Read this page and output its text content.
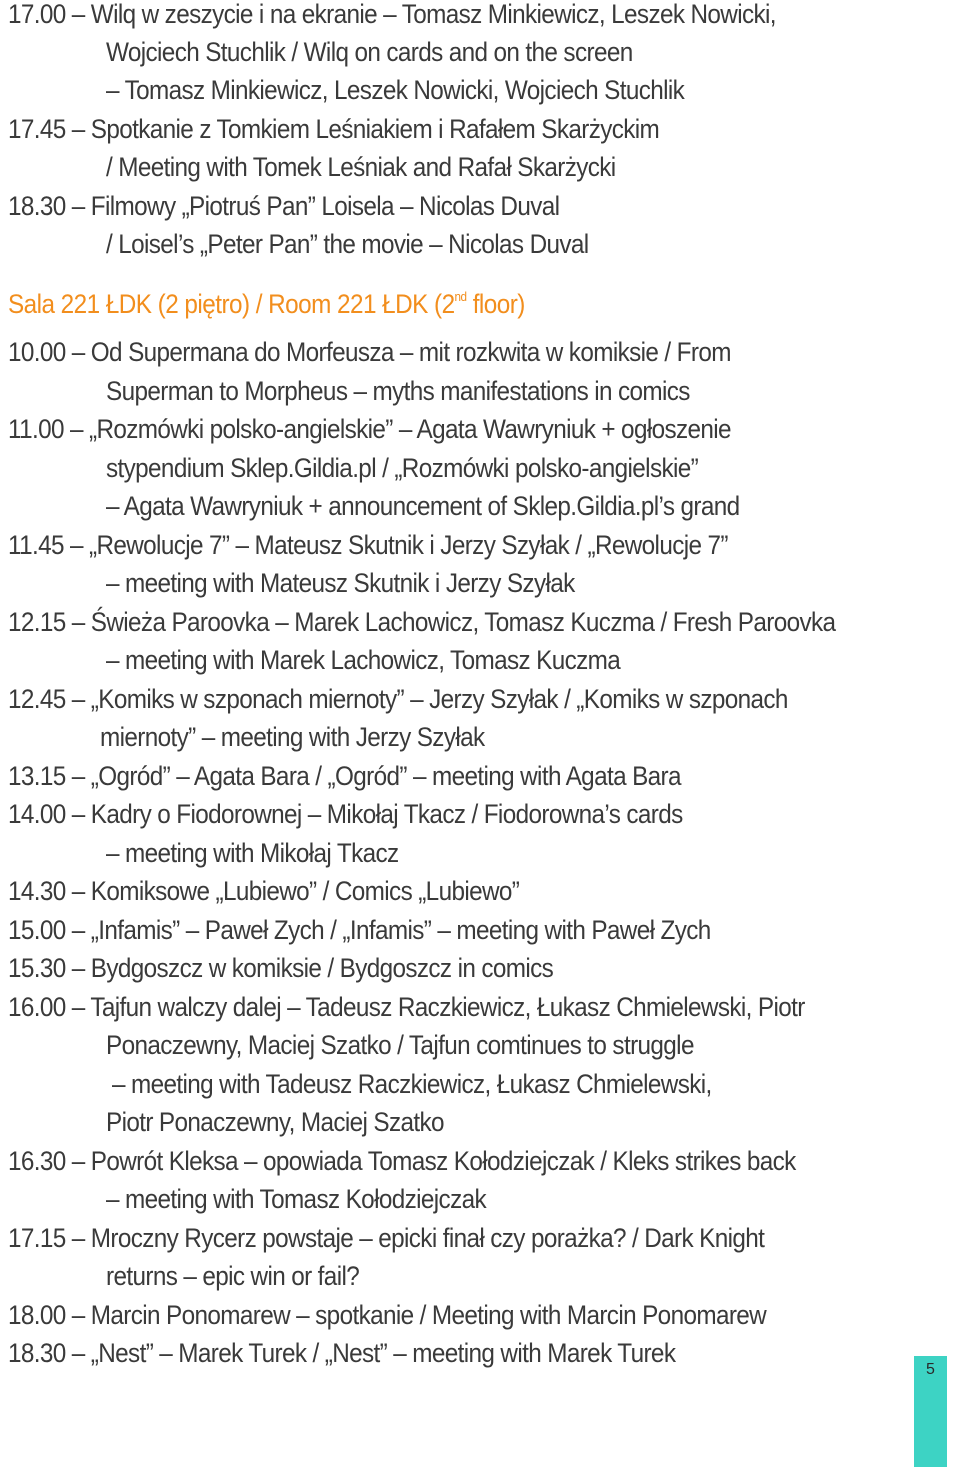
17.00 – Wilq w zeszycie i na ekranie – Tomasz Minkiewicz, Leszek Nowicki,
Wojciech Stuchlik / Wilq on cards and on the screen
– Tomasz Minkiewicz, Leszek Nowicki, Wojciech Stuchlik
17.45 – Spotkanie z Tomkiem Leśniakiem i Rafałem Skarżyckim
/ Meeting with Tomek Leśniak and Rafał Skarżycki
18.30 – Filmowy „Piotruś Pan” Loisela – Nicolas Duval
/ Loisel’s „Peter Pan” the movie – Nicolas Duval
Sala 221 ŁDK (2 piętro) / Room 221 ŁDK (2nd floor)
10.00 – Od Supermana do Morfeusza – mit rozkwita w komiksie / From
Superman to Morpheus – myths manifestations in comics
11.00 – „Rozmówki polsko-angielskie” – Agata Wawryniuk + ogłoszenie
stypendium Sklep.Gildia.pl / „Rozmówki polsko-angielskie”
– Agata Wawryniuk + announcement of Sklep.Gildia.pl’s grand
11.45 – „Rewolucje 7” – Mateusz Skutnik i Jerzy Szyłak / „Rewolucje 7”
– meeting with Mateusz Skutnik i Jerzy Szyłak
12.15 – Świeża Paroovka – Marek Lachowicz, Tomasz Kuczma / Fresh Paroovka
– meeting with Marek Lachowicz, Tomasz Kuczma
12.45 – „Komiks w szponach miernoty” – Jerzy Szyłak / „Komiks w szponach
miernoty” – meeting with Jerzy Szyłak
13.15 – „Ogród” – Agata Bara / „Ogród” – meeting with Agata Bara
14.00 – Kadry o Fiodorownej – Mikołaj Tkacz / Fiodorowna’s cards
– meeting with Mikołaj Tkacz
14.30 – Komiksowe „Lubiewo” / Comics „Lubiewo”
15.00 – „Infamis” – Paweł Zych / „Infamis” – meeting with Paweł Zych
15.30 – Bydgoszcz w komiksie / Bydgoszcz in comics
16.00 – Tajfun walczy dalej – Tadeusz Raczkiewicz, Łukasz Chmielewski, Piotr
Ponaczewny, Maciej Szatko / Tajfun comtinues to struggle
– meeting with Tadeusz Raczkiewicz, Łukasz Chmielewski,
Piotr Ponaczewny, Maciej Szatko
16.30 – Powrót Kleksa – opowiada Tomasz Kołodziejczak / Kleks strikes back
– meeting with Tomasz Kołodziejczak
17.15 – Mroczny Rycerz powstaje – epicki finał czy porażka? / Dark Knight
returns – epic win or fail?
18.00 – Marcin Ponomarew – spotkanie / Meeting with Marcin Ponomarew
18.30 – „Nest” – Marek Turek / „Nest” – meeting with Marek Turek
5
